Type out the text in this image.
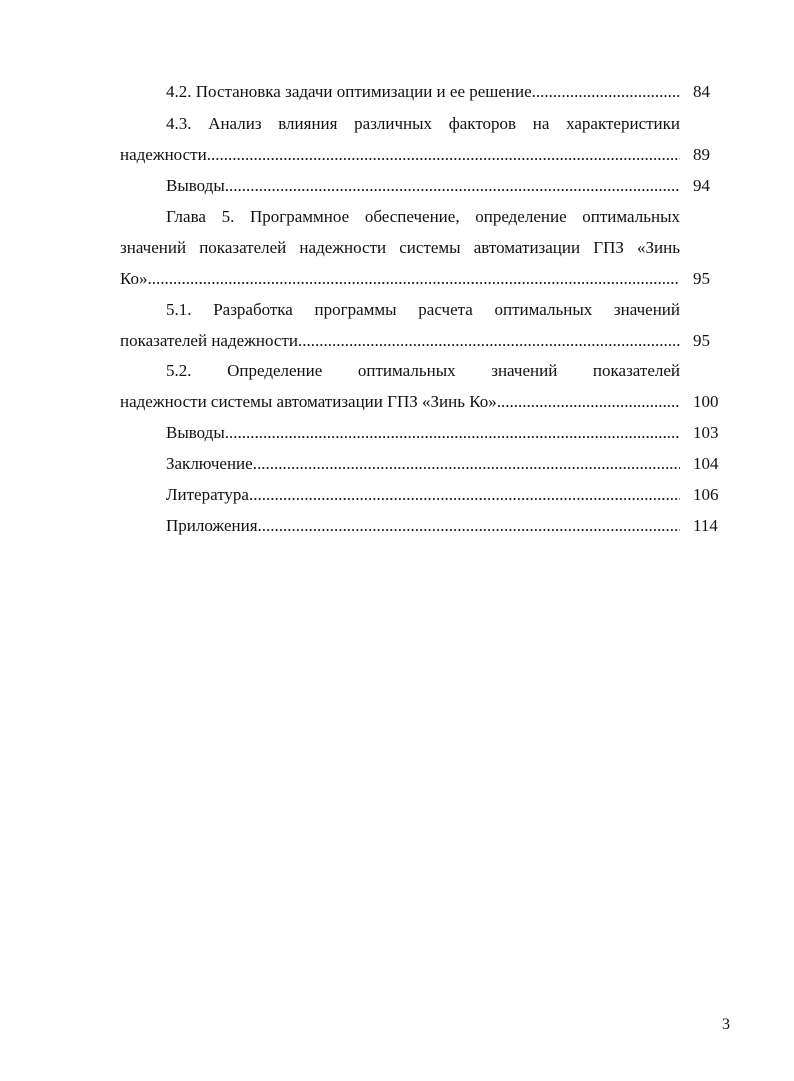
4.2. Постановка задачи оптимизации и ее решение .....	84
4.3. Анализ влияния различных факторов на характеристики
надежности .....	89
Выводы .....	94
Глава 5. Программное обеспечение, определение оптимальных
значений показателей надежности системы автоматизации ГПЗ «Зинь
Ко» .....	95
5.1. Разработка программы расчета оптимальных значений
показателей надежности .....	95
5.2. Определение оптимальных значений показателей
надежности системы автоматизации ГПЗ «Зинь Ко» .....	100
Выводы .....	103
Заключение .....	104
Литература .....	106
Приложения .....	114
3
